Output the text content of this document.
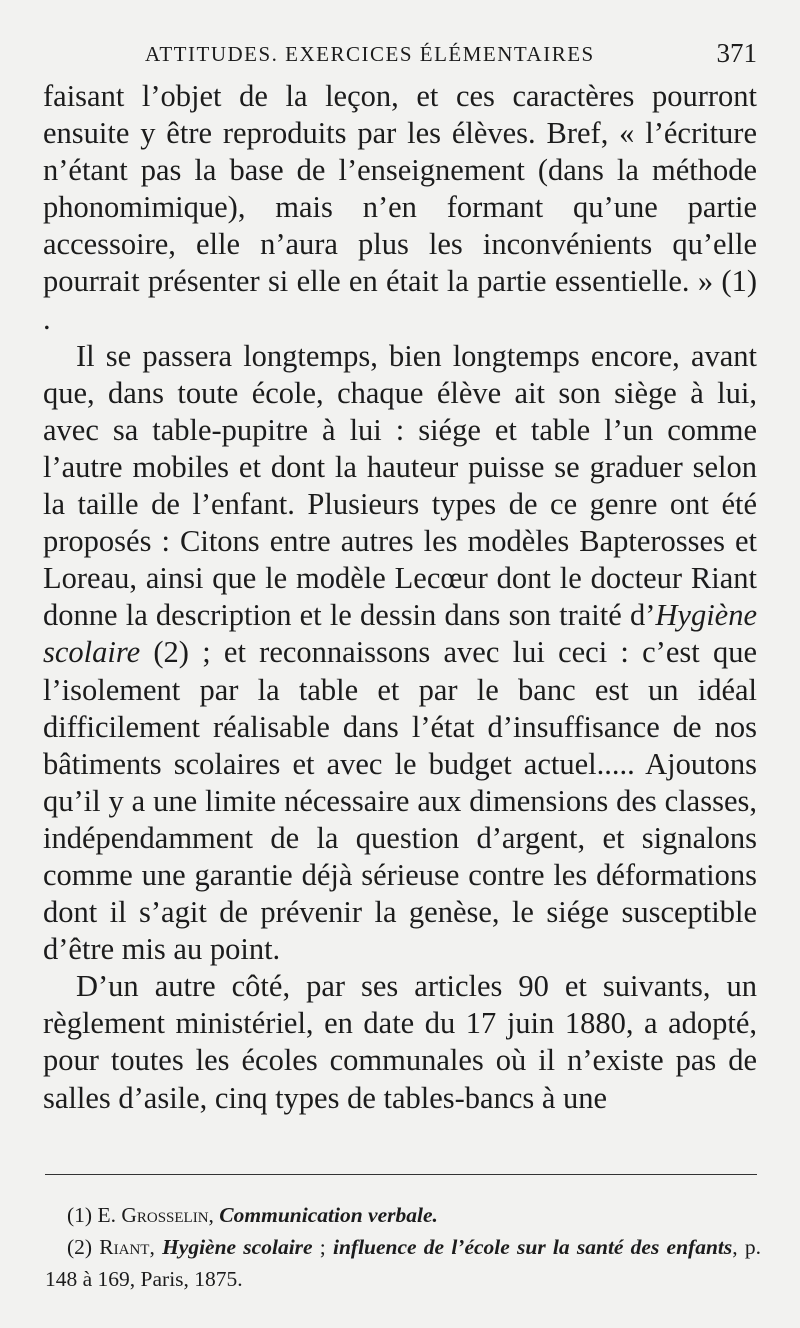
ATTITUDES. EXERCICES ÉLÉMENTAIRES	371

faisant l’objet de la leçon, et ces caractères pourront ensuite y être reproduits par les élèves. Bref, « l’écriture n’étant pas la base de l’enseignement (dans la méthode phonomimique), mais n’en formant qu’une partie accessoire, elle n’aura plus les inconvénients qu’elle pourrait présenter si elle en était la partie essentielle. » (1) .

Il se passera longtemps, bien longtemps encore, avant que, dans toute école, chaque élève ait son siège à lui, avec sa table-pupitre à lui : siége et table l’un comme l’autre mobiles et dont la hauteur puisse se graduer selon la taille de l’enfant. Plusieurs types de ce genre ont été proposés : Citons entre autres les modèles Bapterosses et Loreau, ainsi que le modèle Lecœur dont le docteur Riant donne la description et le dessin dans son traité d’Hygiène scolaire (2) ; et reconnaissons avec lui ceci : c’est que l’isolement par la table et par le banc est un idéal difficilement réalisable dans l’état d’insuffisance de nos bâtiments scolaires et avec le budget actuel..... Ajoutons qu’il y a une limite nécessaire aux dimensions des classes, indépendamment de la question d’argent, et signalons comme une garantie déjà sérieuse contre les déformations dont il s’agit de prévenir la genèse, le siége susceptible d’être mis au point.

D’un autre côté, par ses articles 90 et suivants, un règlement ministériel, en date du 17 juin 1880, a adopté, pour toutes les écoles communales où il n’existe pas de salles d’asile, cinq types de tables-bancs à une

(1) E. Grosselin, Communication verbale.

(2) Riant, Hygiène scolaire ; influence de l’école sur la santé des enfants, p. 148 à 169, Paris, 1875.
